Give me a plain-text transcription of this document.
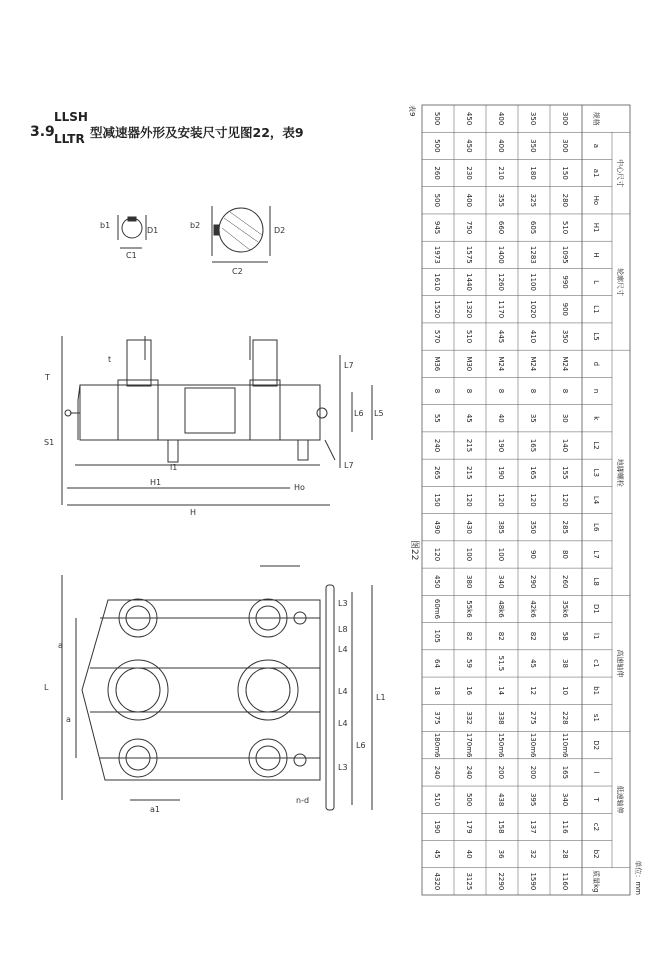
3.9
LLSH
LLTR 型减速器外形及安装尺寸见图22，表9
b1
D1
C1
b2
D2
C2
T
t
S1
l1
H1
H
L7
L6 L5
L7
Ho
a
a
L
a1
L3
L8
L4
L4
L4
L1
L6
L3
n-d
图22
单位：mm
表9
中心尺寸
轮廓尺寸
地脚螺栓
高速轴伸
低速轴伸
规格
a
a1
Ho
H1
H
L
L1
L5
d
n
k
L2
L3
L4
L6
L7
L8
D1
l1
c1
b1
s1
D2
l
T
c2
b2
质量kg
300
300
150
280
510
1095
990
900
350
M24
8
30
140
155
120
285
80
260
35k6
58
38
10
228
110m6
165
340
116
28
1160
350
350
180
325
605
1283
1100
1020
410
M24
8
35
165
165
120
350
90
290
42k6
82
45
12
275
130m6
200
395
137
32
1590
400
400
210
355
660
1400
1260
1170
445
M24
8
40
190
190
120
385
100
340
48k6
82
51.5
14
338
150m6
200
438
158
36
2290
450
450
230
400
750
1575
1440
1320
510
M30
8
45
215
215
120
430
100
380
55k6
82
59
16
332
170m6
240
500
179
40
3125
500
500
260
500
945
1973
1610
1520
570
M36
8
55
240
265
150
490
120
450
60m6
105
64
18
375
180m6
240
510
190
45
4320
